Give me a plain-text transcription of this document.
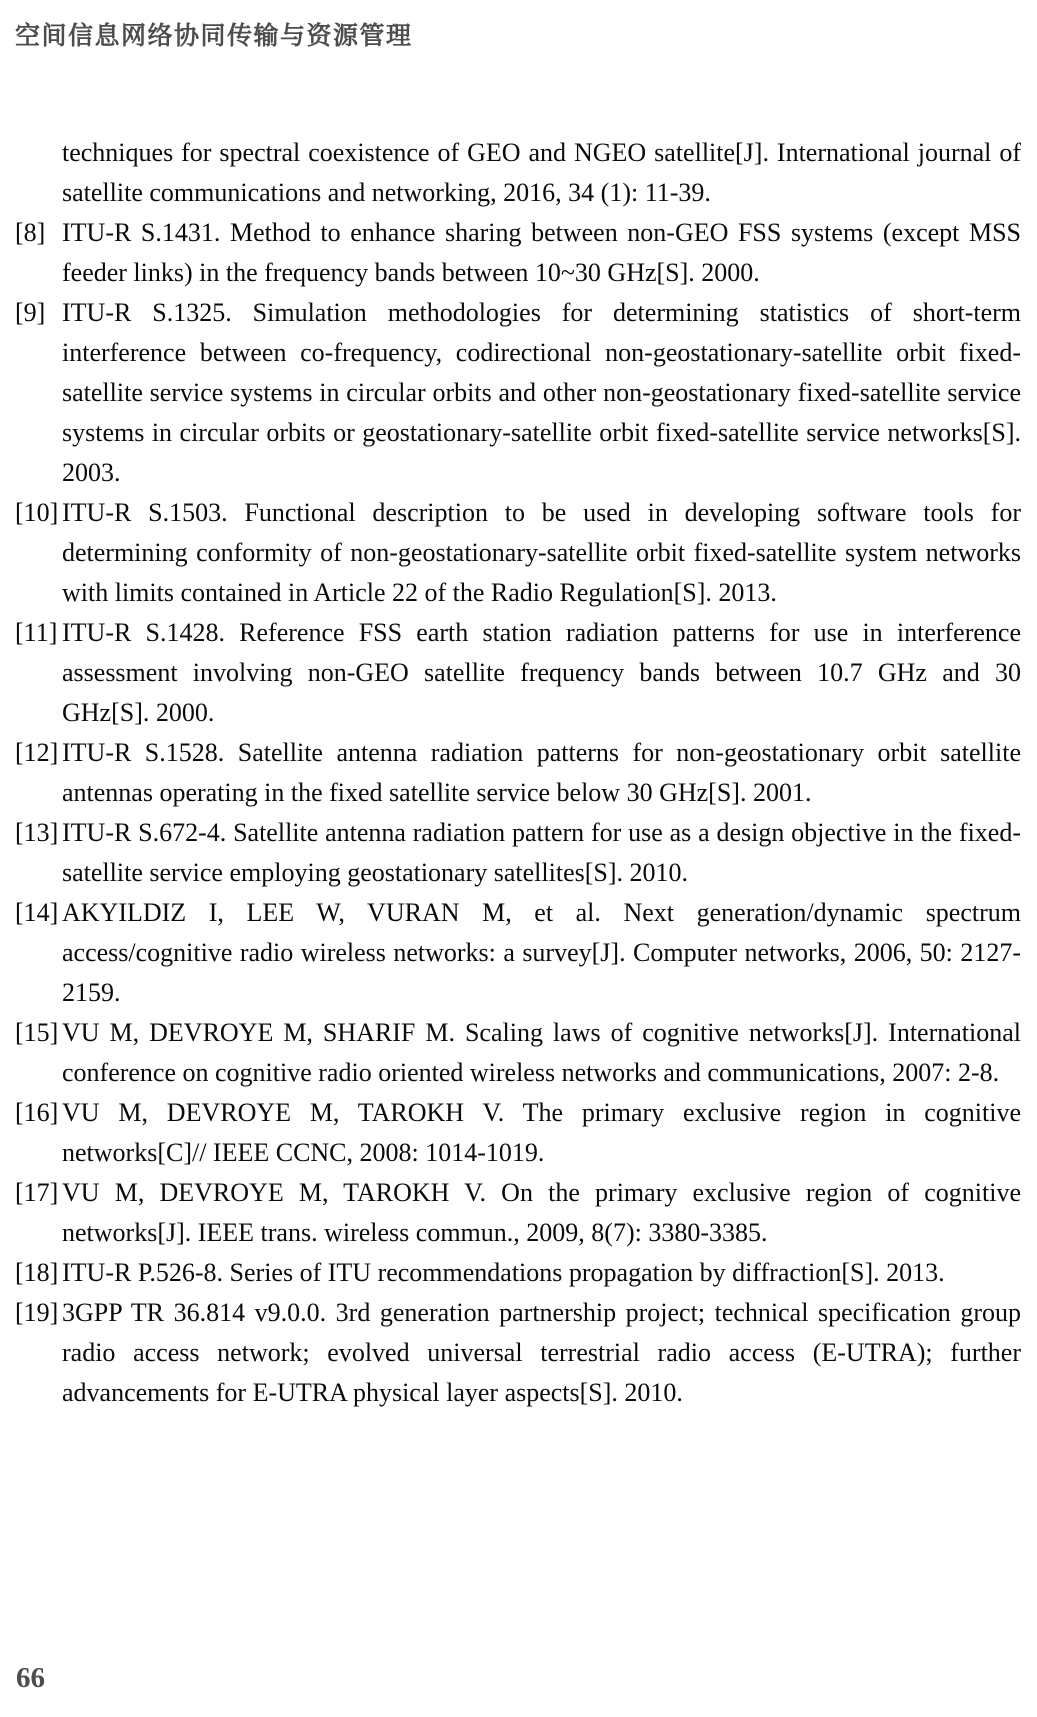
空间信息网络协同传输与资源管理
techniques for spectral coexistence of GEO and NGEO satellite[J]. International journal of satellite communications and networking, 2016, 34 (1): 11-39.
[8] ITU-R S.1431. Method to enhance sharing between non-GEO FSS systems (except MSS feeder links) in the frequency bands between 10~30 GHz[S]. 2000.
[9] ITU-R S.1325. Simulation methodologies for determining statistics of short-term interference between co-frequency, codirectional non-geostationary-satellite orbit fixed-satellite service systems in circular orbits and other non-geostationary fixed-satellite service systems in circular orbits or geostationary-satellite orbit fixed-satellite service networks[S]. 2003.
[10] ITU-R S.1503. Functional description to be used in developing software tools for determining conformity of non-geostationary-satellite orbit fixed-satellite system networks with limits contained in Article 22 of the Radio Regulation[S]. 2013.
[11] ITU-R S.1428. Reference FSS earth station radiation patterns for use in interference assessment involving non-GEO satellite frequency bands between 10.7 GHz and 30 GHz[S]. 2000.
[12] ITU-R S.1528. Satellite antenna radiation patterns for non-geostationary orbit satellite antennas operating in the fixed satellite service below 30 GHz[S]. 2001.
[13] ITU-R S.672-4. Satellite antenna radiation pattern for use as a design objective in the fixed-satellite service employing geostationary satellites[S]. 2010.
[14] AKYILDIZ I, LEE W, VURAN M, et al. Next generation/dynamic spectrum access/cognitive radio wireless networks: a survey[J]. Computer networks, 2006, 50: 2127-2159.
[15] VU M, DEVROYE M, SHARIF M. Scaling laws of cognitive networks[J]. International conference on cognitive radio oriented wireless networks and communications, 2007: 2-8.
[16] VU M, DEVROYE M, TAROKH V. The primary exclusive region in cognitive networks[C]// IEEE CCNC, 2008: 1014-1019.
[17] VU M, DEVROYE M, TAROKH V. On the primary exclusive region of cognitive networks[J]. IEEE trans. wireless commun., 2009, 8(7): 3380-3385.
[18] ITU-R P.526-8. Series of ITU recommendations propagation by diffraction[S]. 2013.
[19] 3GPP TR 36.814 v9.0.0. 3rd generation partnership project; technical specification group radio access network; evolved universal terrestrial radio access (E-UTRA); further advancements for E-UTRA physical layer aspects[S]. 2010.
66
